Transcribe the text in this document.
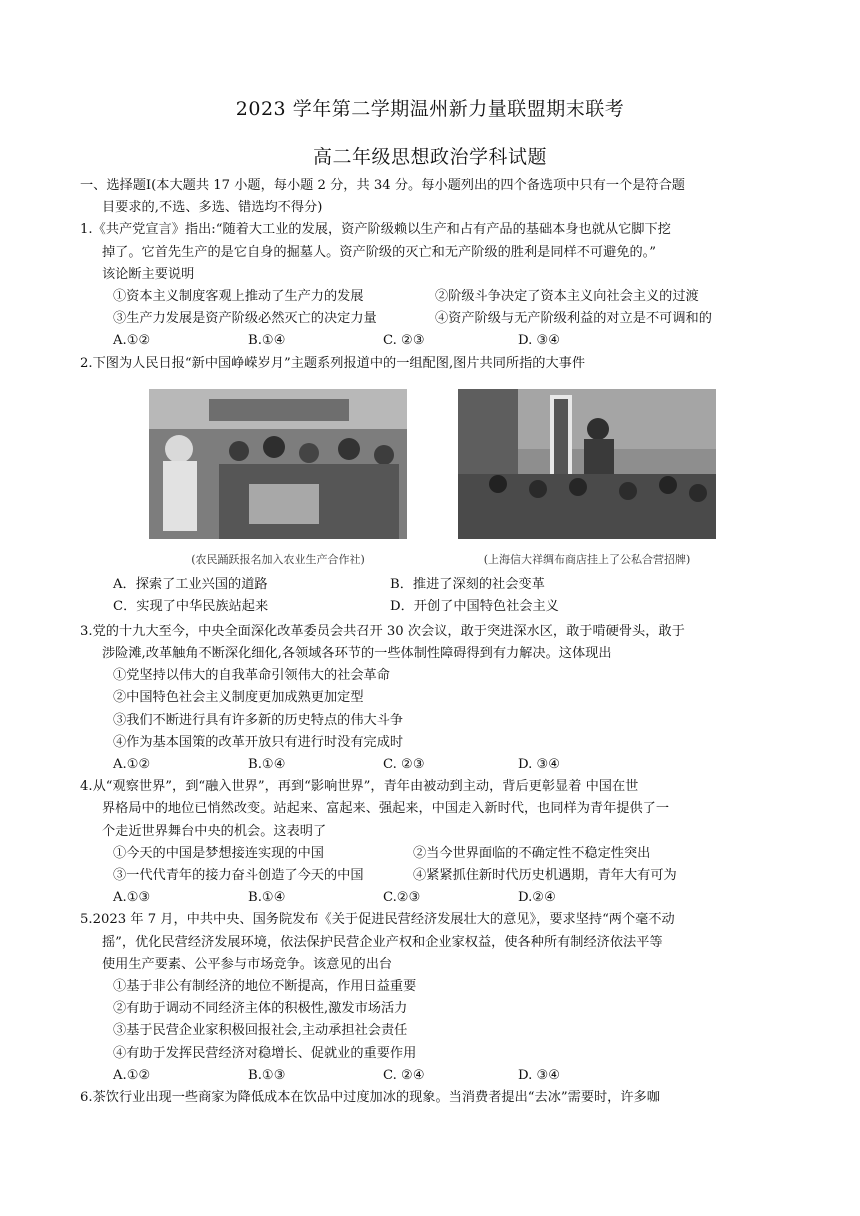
2023 学年第二学期温州新力量联盟期末联考
高二年级思想政治学科试题

一、选择题Ⅰ(本大题共 17 小题，每小题 2 分，共 34 分。每小题列出的四个备选项中只有一个是符合题

目要求的,不选、多选、错选均不得分)

1.《共产党宣言》指出:“随着大工业的发展，资产阶级赖以生产和占有产品的基础本身也就从它脚下挖

掉了。它首先生产的是它自身的掘墓人。资产阶级的灭亡和无产阶级的胜利是同样不可避免的。”

该论断主要说明

①资本主义制度客观上推动了生产力的发展	②阶级斗争决定了资本主义向社会主义的过渡
③生产力发展是资产阶级必然灭亡的决定力量	④资产阶级与无产阶级利益的对立是不可调和的
A.①②	B.①④	C. ②③	D. ③④

2.下图为人民日报“新中国峥嵘岁月”主题系列报道中的一组配图,图片共同所指的大事件

(农民踊跃报名加入农业生产合作社)	(上海信大祥绸布商店挂上了公私合营招牌)
A．探索了工业兴国的道路	B．推进了深刻的社会变革
C．实现了中华民族站起来	D．开创了中国特色社会主义

3.党的十九大至今，中央全面深化改革委员会共召开 30 次会议，敢于突进深水区，敢于啃硬骨头，敢于

涉险滩,改革触角不断深化细化,各领域各环节的一些体制性障碍得到有力解决。这体现出

①党坚持以伟大的自我革命引领伟大的社会革命

②中国特色社会主义制度更加成熟更加定型

③我们不断进行具有许多新的历史特点的伟大斗争

④作为基本国策的改革开放只有进行时没有完成时

A.①②	B.①④	C. ②③	D. ③④

4.从“观察世界”，到“融入世界”，再到“影响世界”，青年由被动到主动，背后更彰显着 中国在世

界格局中的地位已悄然改变。站起来、富起来、强起来，中国走入新时代，也同样为青年提供了一

个走近世界舞台中央的机会。这表明了

①今天的中国是梦想接连实现的中国	②当今世界面临的不确定性不稳定性突出
③一代代青年的接力奋斗创造了今天的中国	④紧紧抓住新时代历史机遇期，青年大有可为
A.①③	B.①④	C.②③	D.②④

5.2023 年 7 月，中共中央、国务院发布《关于促进民营经济发展壮大的意见》，要求坚持“两个毫不动

摇”，优化民营经济发展环境，依法保护民营企业产权和企业家权益，使各种所有制经济依法平等

使用生产要素、公平参与市场竞争。该意见的出台

①基于非公有制经济的地位不断提高，作用日益重要

②有助于调动不同经济主体的积极性,激发市场活力

③基于民营企业家积极回报社会,主动承担社会责任

④有助于发挥民营经济对稳增长、促就业的重要作用

A.①②	B.①③	C. ②④	D. ③④

6.茶饮行业出现一些商家为降低成本在饮品中过度加冰的现象。当消费者提出“去冰”需要时，许多咖
